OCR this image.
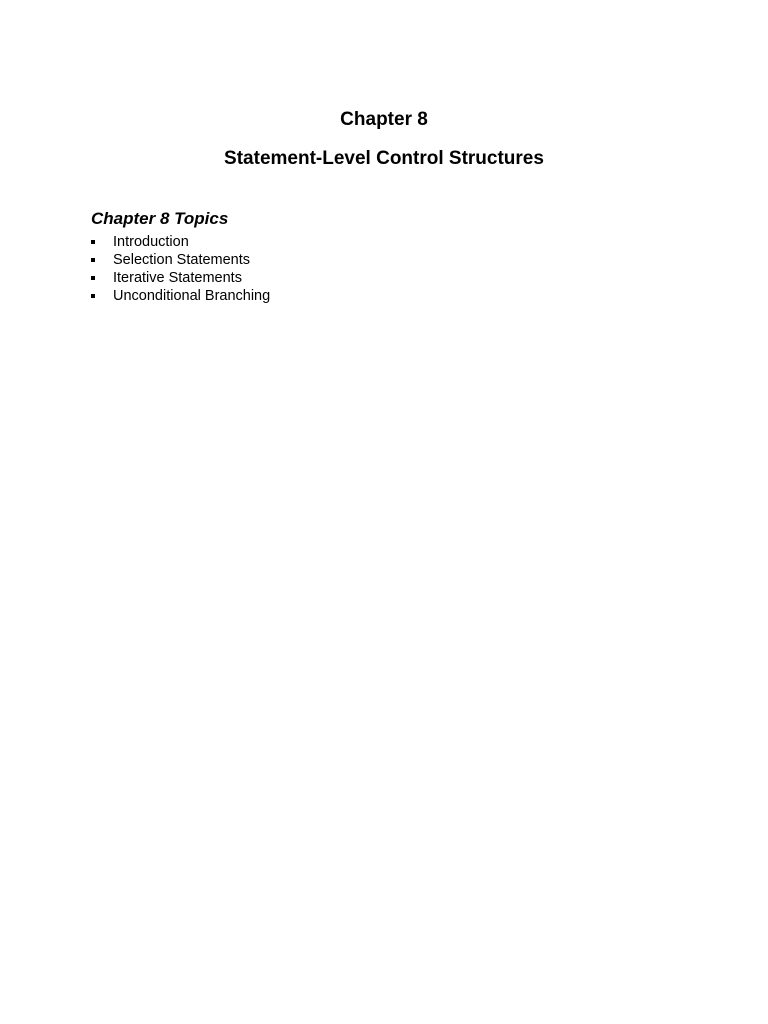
Chapter 8
Statement-Level Control Structures
Chapter 8 Topics
Introduction
Selection Statements
Iterative Statements
Unconditional Branching
